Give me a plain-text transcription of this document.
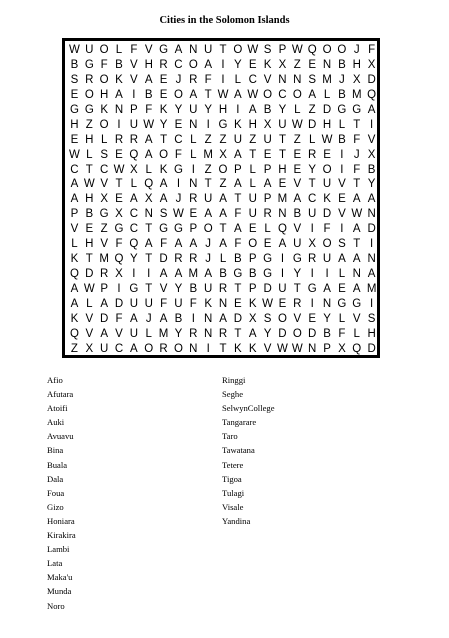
Cities in the Solomon Islands
W U O L F V G A N U T O W S P W Q O O J F
B G F B V H R C O A I Y E K X Z E N B H X
S R O K V A E J R F I L C V N N S M J X D
E O H A I B E O A T W A W O C O A L B M Q
G G K N P F K Y U Y H I A B Y L Z D G G A
H Z O I U W Y E N I G K H X U W D H L T I
E H L R R A T C L Z Z U Z U T Z L W B F V
W L S E Q A O F L M X A T E T E R E I J X
C T C W X L K G I Z O P L P H E Y O I F B
A W V T L Q A I N T Z A L A E V T U V T Y
A H X E A X A J R U A T U P M A C K E A A
P B G X C N S W E A A F U R N B U D V W N
V E Z G C T G G P O T A E L Q V I F I A D
L H V F Q A F A A J A F O E A U X O S T I
K T M Q Y T D R R J L B P G I G R U A A N
Q D R X I	I A A M A B G B G I Y I	I L N A
A W P I G T V Y B U R T P D U T G A E A M
A L A D U U F U F K N E K W E R I N G G I
K V D F A J A B I N A D X S O V E Y L V S
Q V A V U L M Y R N R T A Y D O D B F L H
Z X U C A O R O N I T K K V W W N P X Q D
Afio
Afutara
Atoifi
Auki
Avuavu
Bina
Buala
Dala
Foua
Gizo
Honiara
Kirakira
Lambi
Lata
Maka'u
Munda
Noro
Ringgi
Seghe
SelwynCollege
Tangarare
Taro
Tawatana
Tetere
Tigoa
Tulagi
Visale
Yandina
